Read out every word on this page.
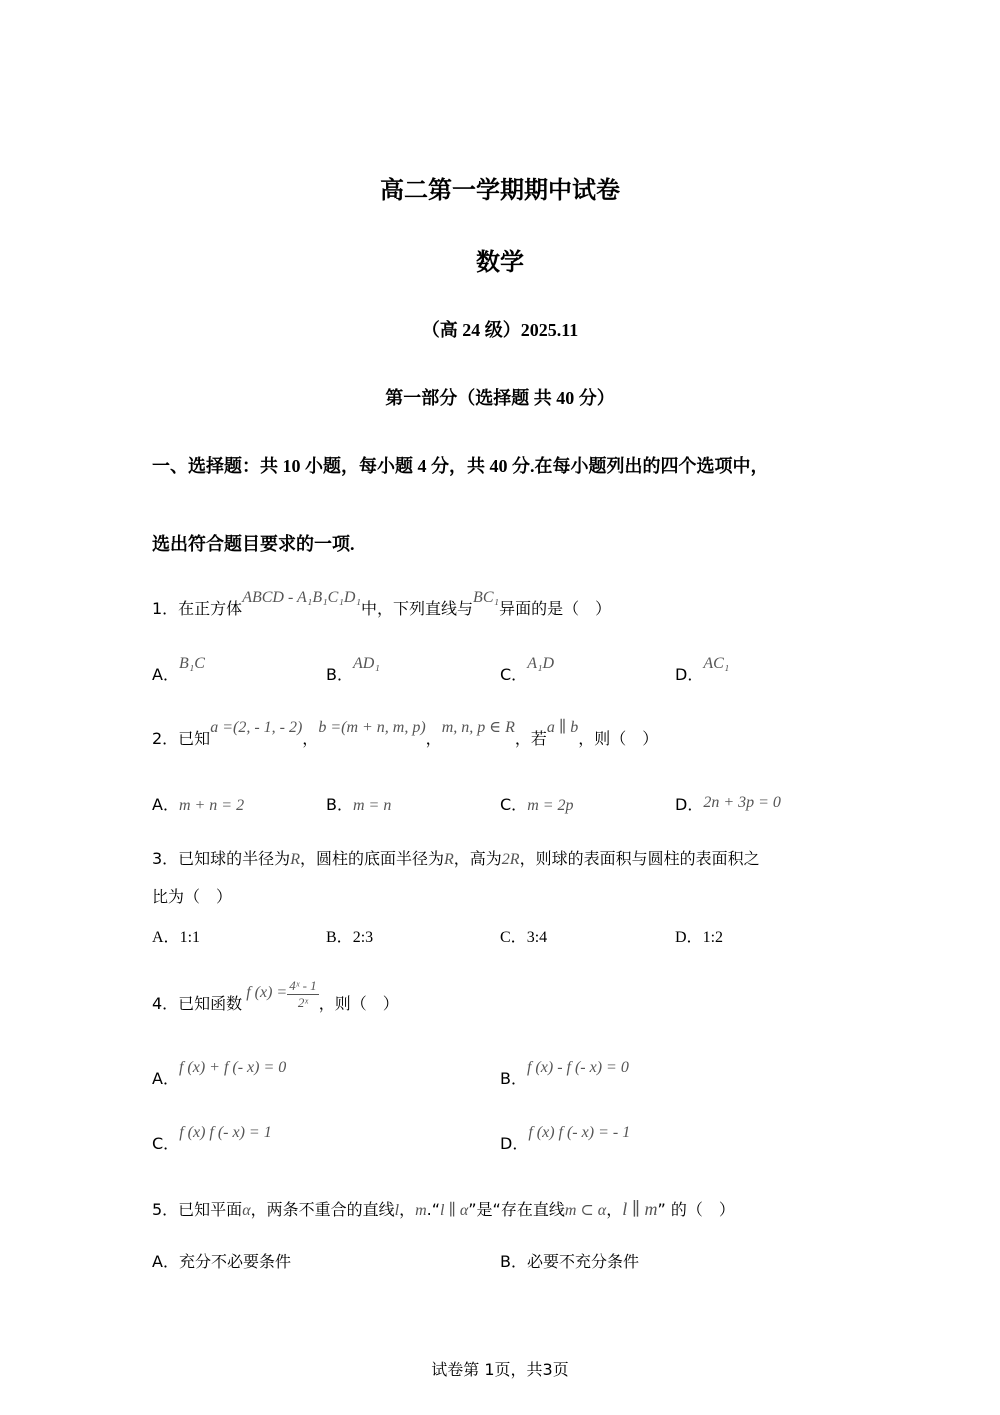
高二第一学期期中试卷
数学
（高 24 级）2025.11
第一部分（选择题 共 40 分）
一、选择题：共 10 小题，每小题 4 分，共 40 分.在每小题列出的四个选项中，
选出符合题目要求的一项.
1．在正方体ABCD - A₁B₁C₁D₁中，下列直线与BC₁异面的是（　）
A．B₁C
B．AD₁
C．A₁D
D．AC₁
2．已知a =(2, - 1, - 2)，b =(m + n, m, p)，m, n, p ∈ R，若a ∥ b，则（　）
A．m + n = 2	B．m = n	C．m = 2p	D．2n + 3p = 0
3．已知球的半径为R，圆柱的底面半径为R，高为2R，则球的表面积与圆柱的表面积之
比为（　）
A．1:1	B．2:3	C．3:4	D．1:2
4．已知函数f $(x) = \frac{\text{4ˣ - 1}}{\text{2ˣ}}$ ，则（　）
A．f (x) + f (- x) = 0
B．f (x) - f (- x) = 0
C．f (x) f (- x) = 1
D．f (x) f (- x) = - 1
5．已知平面α，两条不重合的直线l，m.“l ∥ α”是“存在直线m ⊂ α，l ∥ m” 的（　）
A．充分不必要条件	B．必要不充分条件
试卷第 1页，共3页
